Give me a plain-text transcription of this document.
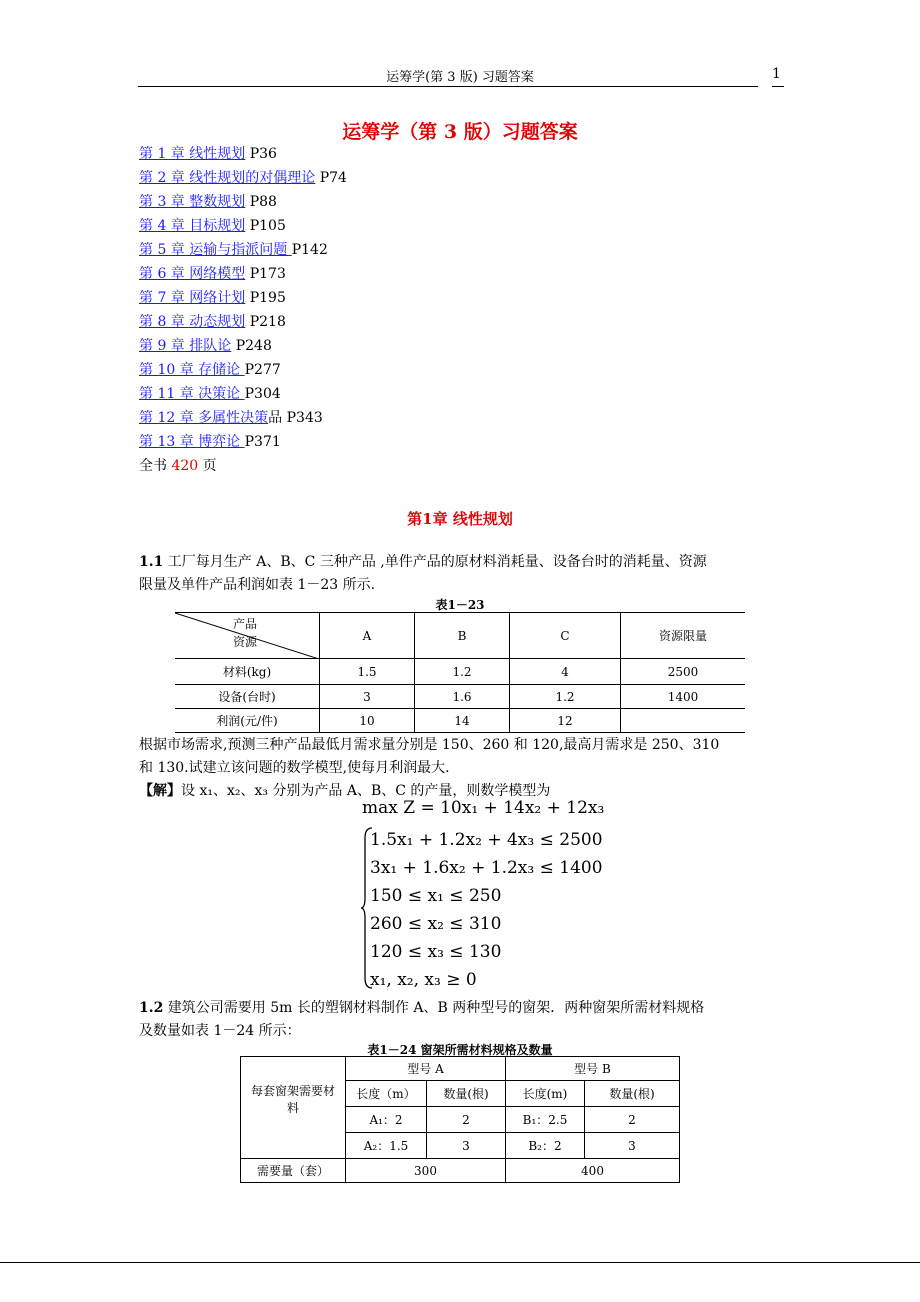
运筹学(第 3 版) 习题答案	1
运筹学（第 3 版）习题答案
第 1 章 线性规划 P36
第 2 章 线性规划的对偶理论 P74
第 3 章 整数规划 P88
第 4 章 目标规划 P105
第 5 章 运输与指派问题 P142
第 6 章 网络模型 P173
第 7 章 网络计划 P195
第 8 章 动态规划 P218
第 9 章 排队论 P248
第 10 章 存储论 P277
第 11 章 决策论 P304
第 12 章 多属性决策品 P343
第 13 章 博弈论 P371
全书 420 页
第1章 线性规划
1.1 工厂每月生产 A、B、C 三种产品 ,单件产品的原材料消耗量、设备台时的消耗量、资源
限量及单件产品利润如表 1－23 所示.
表1－23
产品
资源	A	B	C	资源限量
材料(kg)	1.5	1.2	4	2500
设备(台时)	3	1.6	1.2	1400
利润(元/件)	10	14	12	
根据市场需求,预测三种产品最低月需求量分别是 150、260 和 120,最高月需求是 250、310
和 130.试建立该问题的数学模型,使每月利润最大.
【解】设 x₁、x₂、x₃ 分别为产品 A、B、C 的产量，则数学模型为
max Z = 10x₁ + 14x₂ + 12x₃
1.5x₁ + 1.2x₂ + 4x₃ ≤ 2500
3x₁ + 1.6x₂ + 1.2x₃ ≤ 1400
150 ≤ x₁ ≤ 250
260 ≤ x₂ ≤ 310
120 ≤ x₃ ≤ 130
x₁, x₂, x₃ ≥ 0
1.2 建筑公司需要用 5m 长的塑钢材料制作 A、B 两种型号的窗架．两种窗架所需材料规格
及数量如表 1－24 所示：
表1－24 窗架所需材料规格及数量
	型号 A		型号 B	

每套窗架需要材料	长度（m）	数量(根)	长度(m)	数量(根)
	A₁：2	2	B₁：2.5	2
	A₂：1.5	3	B₂：2	3
需要量（套）	300		400	
